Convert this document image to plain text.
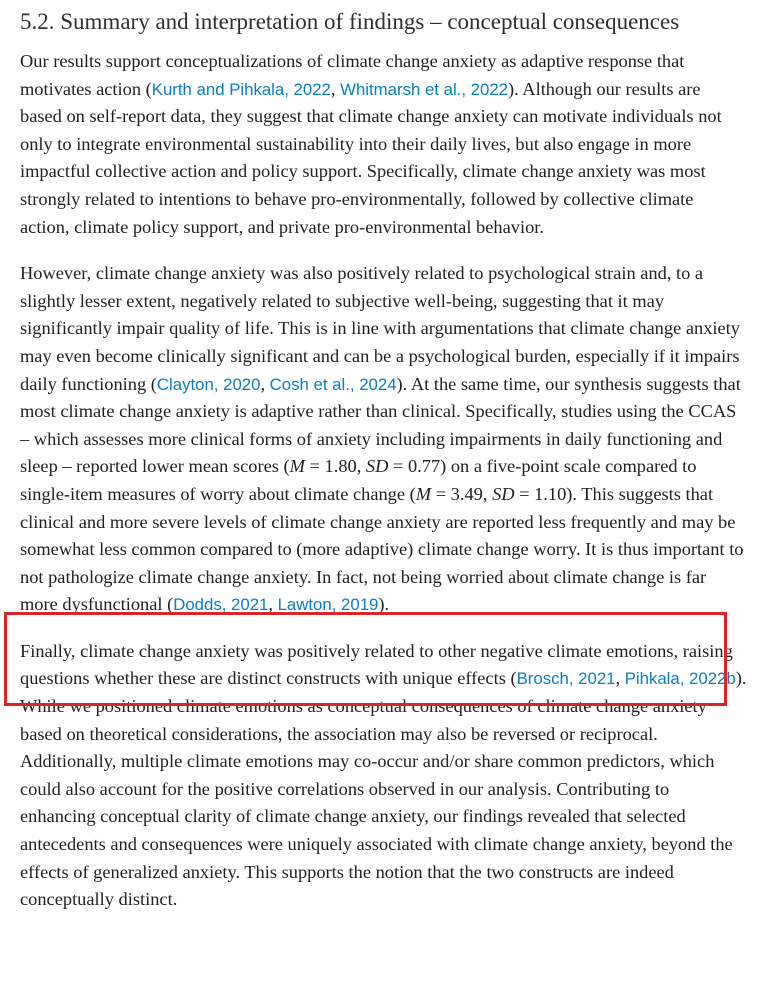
5.2. Summary and interpretation of findings – conceptual consequences

Our results support conceptualizations of climate change anxiety as adaptive response that motivates action (Kurth and Pihkala, 2022, Whitmarsh et al., 2022). Although our results are based on self-report data, they suggest that climate change anxiety can motivate individuals not only to integrate environmental sustainability into their daily lives, but also engage in more impactful collective action and policy support. Specifically, climate change anxiety was most strongly related to intentions to behave pro-environmentally, followed by collective climate action, climate policy support, and private pro-environmental behavior.

However, climate change anxiety was also positively related to psychological strain and, to a slightly lesser extent, negatively related to subjective well-being, suggesting that it may significantly impair quality of life. This is in line with argumentations that climate change anxiety may even become clinically significant and can be a psychological burden, especially if it impairs daily functioning (Clayton, 2020, Cosh et al., 2024). At the same time, our synthesis suggests that most climate change anxiety is adaptive rather than clinical. Specifically, studies using the CCAS – which assesses more clinical forms of anxiety including impairments in daily functioning and sleep – reported lower mean scores (M = 1.80, SD = 0.77) on a five-point scale compared to single-item measures of worry about climate change (M = 3.49, SD = 1.10). This suggests that clinical and more severe levels of climate change anxiety are reported less frequently and may be somewhat less common compared to (more adaptive) climate change worry. It is thus important to not pathologize climate change anxiety. In fact, not being worried about climate change is far more dysfunctional (Dodds, 2021, Lawton, 2019).

Finally, climate change anxiety was positively related to other negative climate emotions, raising questions whether these are distinct constructs with unique effects (Brosch, 2021, Pihkala, 2022b). While we positioned climate emotions as conceptual consequences of climate change anxiety based on theoretical considerations, the association may also be reversed or reciprocal. Additionally, multiple climate emotions may co-occur and/or share common predictors, which could also account for the positive correlations observed in our analysis. Contributing to enhancing conceptual clarity of climate change anxiety, our findings revealed that selected antecedents and consequences were uniquely associated with climate change anxiety, beyond the effects of generalized anxiety. This supports the notion that the two constructs are indeed conceptually distinct.
